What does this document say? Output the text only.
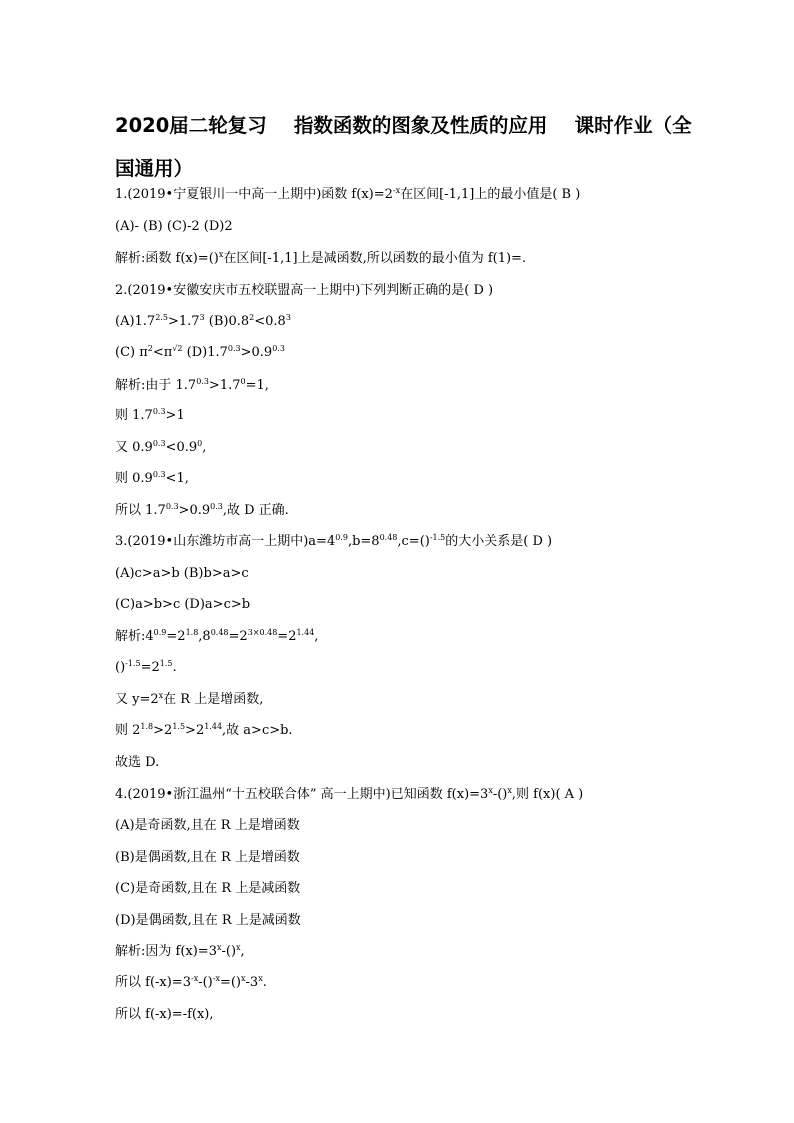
2020届二轮复习    指数函数的图象及性质的应用    课时作业（全国通用）
1.(2019•宁夏银川一中高一上期中)函数 $f(x)=2^{-x}$在区间[-1,1]上的最小值是( B )
(A)- (B) (C)-2 (D)2
解析:函数 f(x)=()$^x$在区间[-1,1]上是减函数,所以函数的最小值为 f(1)=.
2.(2019•安徽安庆市五校联盟高一上期中)下列判断正确的是( D )
$(A)1.7^{2.5}>1.7^3$ $(B)0.8^2<0.8^3$
(C) $\pi^2<\pi^{√2}$ $(D)1.7^{0.3}>0.9^{0.3}$
解析:由于 $1.7^{0.3}>1.7^0=1$,
则 $1.7^{0.3}>1$
又 $0.9^{0.3}<0.9^0$,
则 $0.9^{0.3}<1$,
所以 $1.7^{0.3}>0.9^{0.3}$,故 D 正确.
3.(2019•山东潍坊市高一上期中)$a=4^{0.9},b=8^{0.48},c=()^{-1.5}$的大小关系是( D )
(A)c>a>b (B)b>a>c
(C)a>b>c (D)a>c>b
解析$:4^{0.9}=2^{1.8},8^{0.48}=2^{3\times 0.48}=2^{1.44}$,
$()^{-1.5}=2^{1.5}$.
又 $y=2^x$在 R 上是增函数,
则 $2^{1.8}>2^{1.5}>2^{1.44}$,故 a>c>b.
故选 D.
4.(2019•浙江温州“十五校联合体” 高一上期中)已知函数 $f(x)=3^x-()^x$,则 f(x)( A )
(A)是奇函数,且在 R 上是增函数
(B)是偶函数,且在 R 上是增函数
(C)是奇函数,且在 R 上是减函数
(D)是偶函数,且在 R 上是减函数
解析:因为 $f(x)=3^x-()^x$,
所以 $f(-x)=3^{-x}-()^{-x}=()^x-3^x$.
所以 f(-x)=-f(x),
